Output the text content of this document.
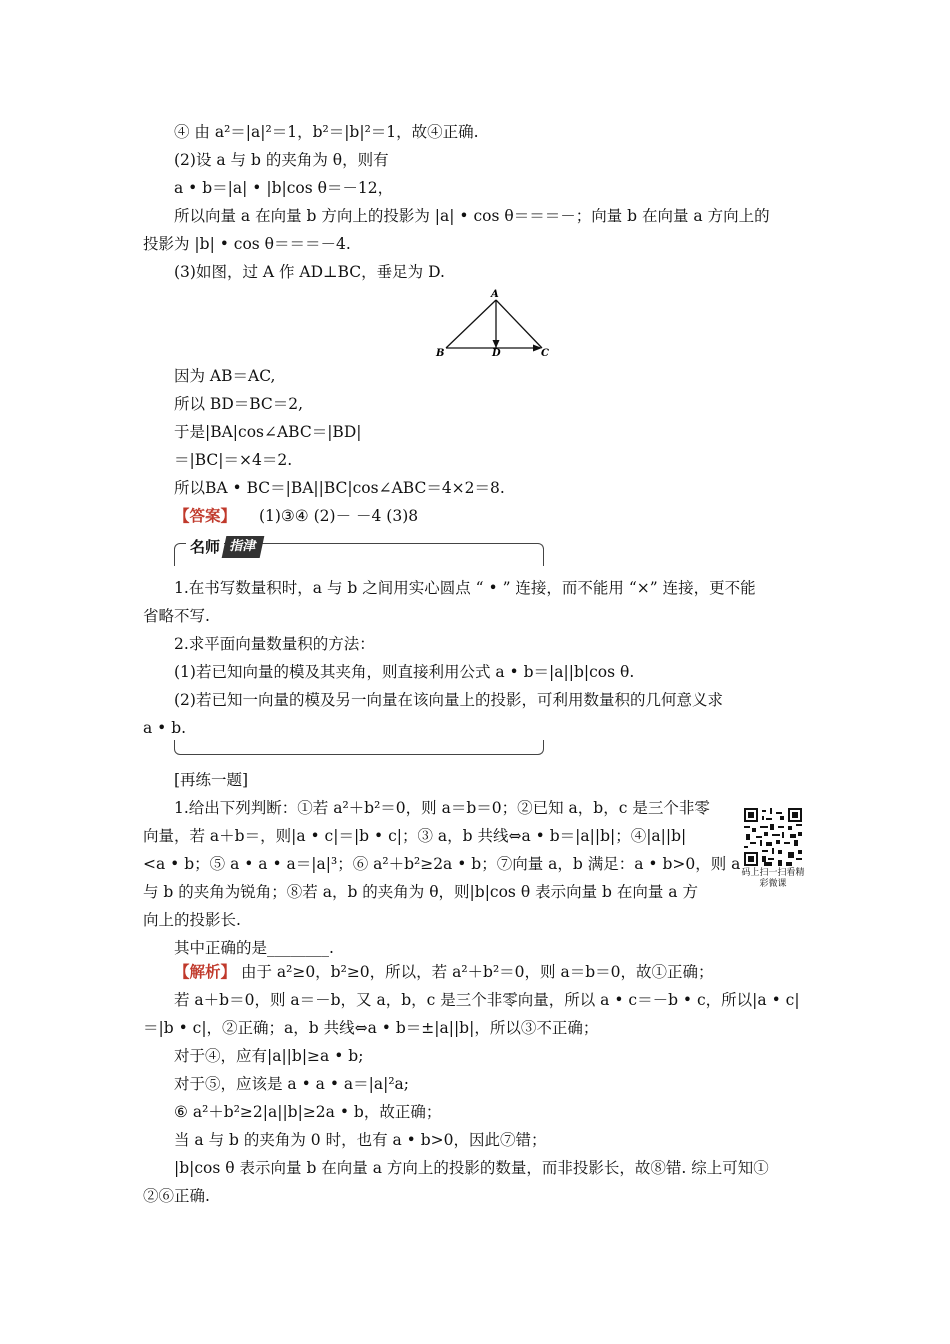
④ 由 a²＝|a|²＝1，b²＝|b|²＝1，故④正确.
(2)设 a 与 b 的夹角为 θ，则有
a • b＝|a| • |b|cos θ＝－12，
所以向量 a 在向量 b 方向上的投影为 |a| • cos θ＝＝＝－；向量 b 在向量 a 方向上的
投影为 |b| • cos θ＝＝＝－4.
(3)如图，过 A 作 AD⊥BC，垂足为 D.
A
B	D	C
因为 AB＝AC,
所以 BD＝BC＝2,
于是|BA|cos∠ABC＝|BD|
＝|BC|＝×4＝2.
所以BA • BC＝|BA||BC|cos∠ABC＝4×2＝8.
【答案】 (1)③④ (2)－ －4 (3)8
名师 指津
1.在书写数量积时，a 与 b 之间用实心圆点 “ • ” 连接，而不能用 “×” 连接，更不能
省略不写.
2.求平面向量数量积的方法：
(1)若已知向量的模及其夹角，则直接利用公式 a • b＝|a||b|cos θ.
(2)若已知一向量的模及另一向量在该向量上的投影，可利用数量积的几何意义求
a • b.
[再练一题]
1.给出下列判断：①若 a²＋b²＝0，则 a＝b＝0；②已知 a，b，c 是三个非零
向量，若 a＋b＝，则|a • c|＝|b • c|；③ a，b 共线⇔a • b＝|a||b|；④|a||b|
<a • b；⑤ a • a • a＝|a|³；⑥ a²＋b²≥2a • b；⑦向量 a，b 满足：a • b>0，则 a
与 b 的夹角为锐角；⑧若 a，b 的夹角为 θ，则|b|cos θ 表示向量 b 在向量 a 方
向上的投影长.
其中正确的是________.
码上扫一扫看精彩微课
【解析】 由于 a²≥0，b²≥0，所以，若 a²＋b²＝0，则 a＝b＝0，故①正确；
若 a＋b＝0，则 a＝－b，又 a，b，c 是三个非零向量，所以 a • c＝－b • c，所以|a • c|
＝|b • c|，②正确；a，b 共线⇔a • b＝±|a||b|，所以③不正确；
对于④，应有|a||b|≥a • b;
对于⑤，应该是 a • a • a＝|a|²a;
⑥ a²＋b²≥2|a||b|≥2a • b，故正确；
当 a 与 b 的夹角为 0 时，也有 a • b>0，因此⑦错；
|b|cos θ 表示向量 b 在向量 a 方向上的投影的数量，而非投影长，故⑧错. 综上可知①
②⑥正确.
